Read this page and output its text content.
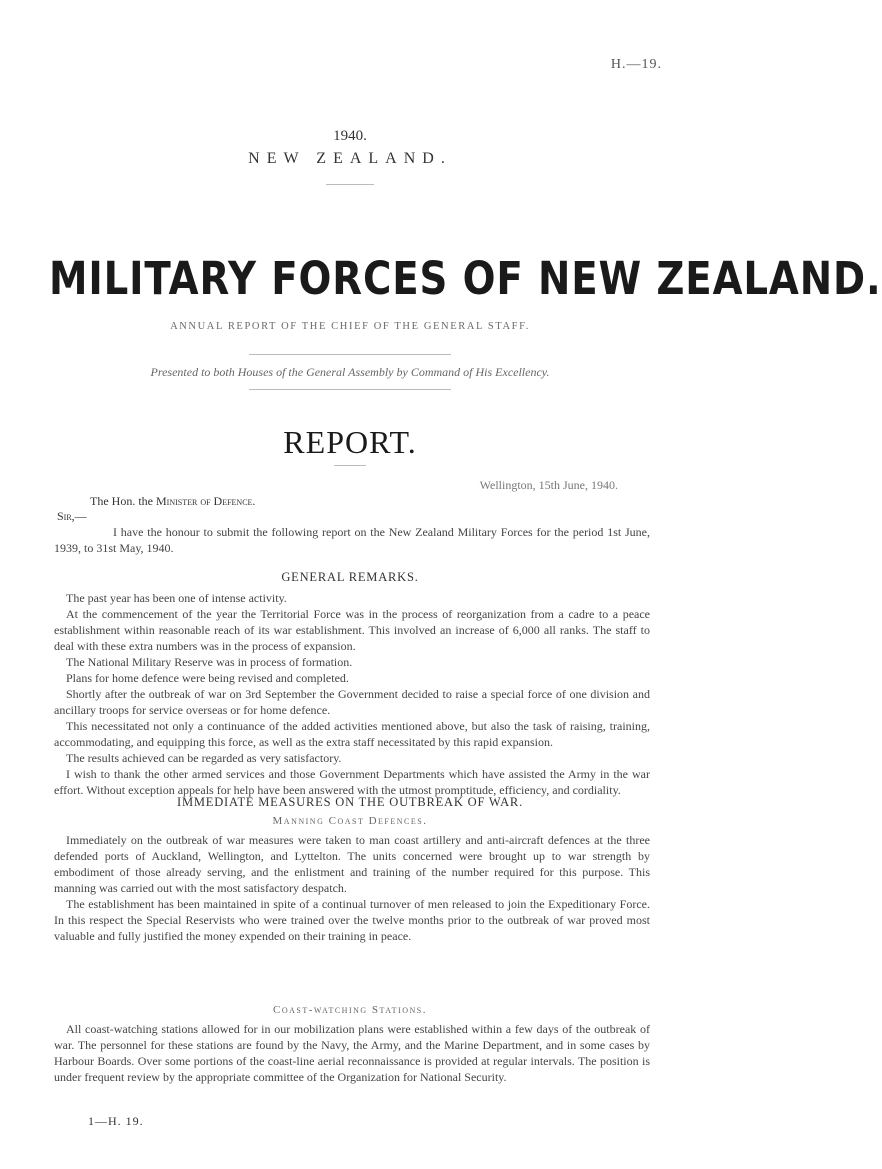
H.—19.
1940.
NEW ZEALAND.
MILITARY FORCES OF NEW ZEALAND.
ANNUAL REPORT OF THE CHIEF OF THE GENERAL STAFF.
Presented to both Houses of the General Assembly by Command of His Excellency.
REPORT.
Wellington, 15th June, 1940.
The Hon. the Minister of Defence.
Sir,—

I have the honour to submit the following report on the New Zealand Military Forces for the period 1st June, 1939, to 31st May, 1940.

GENERAL REMARKS.

The past year has been one of intense activity.

At the commencement of the year the Territorial Force was in the process of reorganization from a cadre to a peace establishment within reasonable reach of its war establishment. This involved an increase of 6,000 all ranks. The staff to deal with these extra numbers was in the process of expansion.

The National Military Reserve was in process of formation.

Plans for home defence were being revised and completed.

Shortly after the outbreak of war on 3rd September the Government decided to raise a special force of one division and ancillary troops for service overseas or for home defence.

This necessitated not only a continuance of the added activities mentioned above, but also the task of raising, training, accommodating, and equipping this force, as well as the extra staff necessitated by this rapid expansion.

The results achieved can be regarded as very satisfactory.

I wish to thank the other armed services and those Government Departments which have assisted the Army in the war effort. Without exception appeals for help have been answered with the utmost promptitude, efficiency, and cordiality.

IMMEDIATE MEASURES ON THE OUTBREAK OF WAR.
Manning Coast Defences.

Immediately on the outbreak of war measures were taken to man coast artillery and anti-aircraft defences at the three defended ports of Auckland, Wellington, and Lyttelton. The units concerned were brought up to war strength by embodiment of those already serving, and the enlistment and training of the number required for this purpose. This manning was carried out with the most satisfactory despatch.

The establishment has been maintained in spite of a continual turnover of men released to join the Expeditionary Force. In this respect the Special Reservists who were trained over the twelve months prior to the outbreak of war proved most valuable and fully justified the money expended on their training in peace.

Coast-watching Stations.

All coast-watching stations allowed for in our mobilization plans were established within a few days of the outbreak of war. The personnel for these stations are found by the Navy, the Army, and the Marine Department, and in some cases by Harbour Boards. Over some portions of the coast-line aerial reconnaissance is provided at regular intervals. The position is under frequent review by the appropriate committee of the Organization for National Security.

1—H. 19.
